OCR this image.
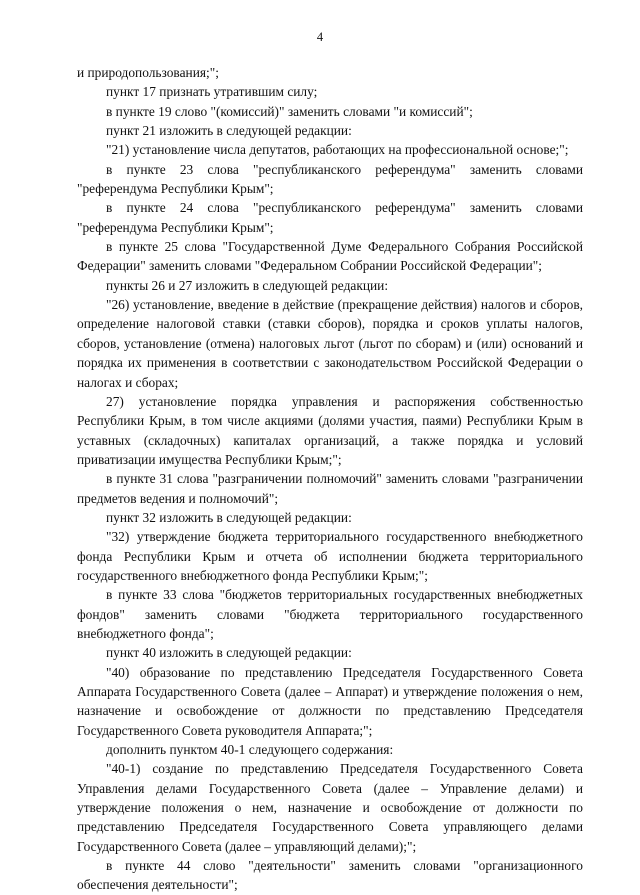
4

и природопользования;";

пункт 17 признать утратившим силу;

в пункте 19 слово "(комиссий)" заменить словами "и комиссий";

пункт 21 изложить в следующей редакции:

"21) установление числа депутатов, работающих на профессиональной основе;";

в пункте 23 слова "республиканского референдума" заменить словами "референдума Республики Крым";

в пункте 24 слова "республиканского референдума" заменить словами "референдума Республики Крым";

в пункте 25 слова "Государственной Думе Федерального Собрания Российской Федерации" заменить словами "Федеральном Собрании Российской Федерации";

пункты 26 и 27 изложить в следующей редакции:

"26) установление, введение в действие (прекращение действия) налогов и сборов, определение налоговой ставки (ставки сборов), порядка и сроков уплаты налогов, сборов, установление (отмена) налоговых льгот (льгот по сборам) и (или) оснований и порядка их применения в соответствии с законодательством Российской Федерации о налогах и сборах;

27) установление порядка управления и распоряжения собственностью Республики Крым, в том числе акциями (долями участия, паями) Республики Крым в уставных (складочных) капиталах организаций, а также порядка и условий приватизации имущества Республики Крым;";

в пункте 31 слова "разграничении полномочий" заменить словами "разграничении предметов ведения и полномочий";

пункт 32 изложить в следующей редакции:

"32) утверждение бюджета территориального государственного внебюджетного фонда Республики Крым и отчета об исполнении бюджета территориального государственного внебюджетного фонда Республики Крым;";

в пункте 33 слова "бюджетов территориальных государственных внебюджетных фондов" заменить словами "бюджета территориального государственного внебюджетного фонда";

пункт 40 изложить в следующей редакции:

"40) образование по представлению Председателя Государственного Совета Аппарата Государственного Совета (далее – Аппарат) и утверждение положения о нем, назначение и освобождение от должности по представлению Председателя Государственного Совета руководителя Аппарата;";

дополнить пунктом 40-1 следующего содержания:

"40-1) создание по представлению Председателя Государственного Совета Управления делами Государственного Совета (далее – Управление делами) и утверждение положения о нем, назначение и освобождение от должности по представлению Председателя Государственного Совета управляющего делами Государственного Совета (далее – управляющий делами);";

в пункте 44 слово "деятельности" заменить словами "организационного обеспечения деятельности";
